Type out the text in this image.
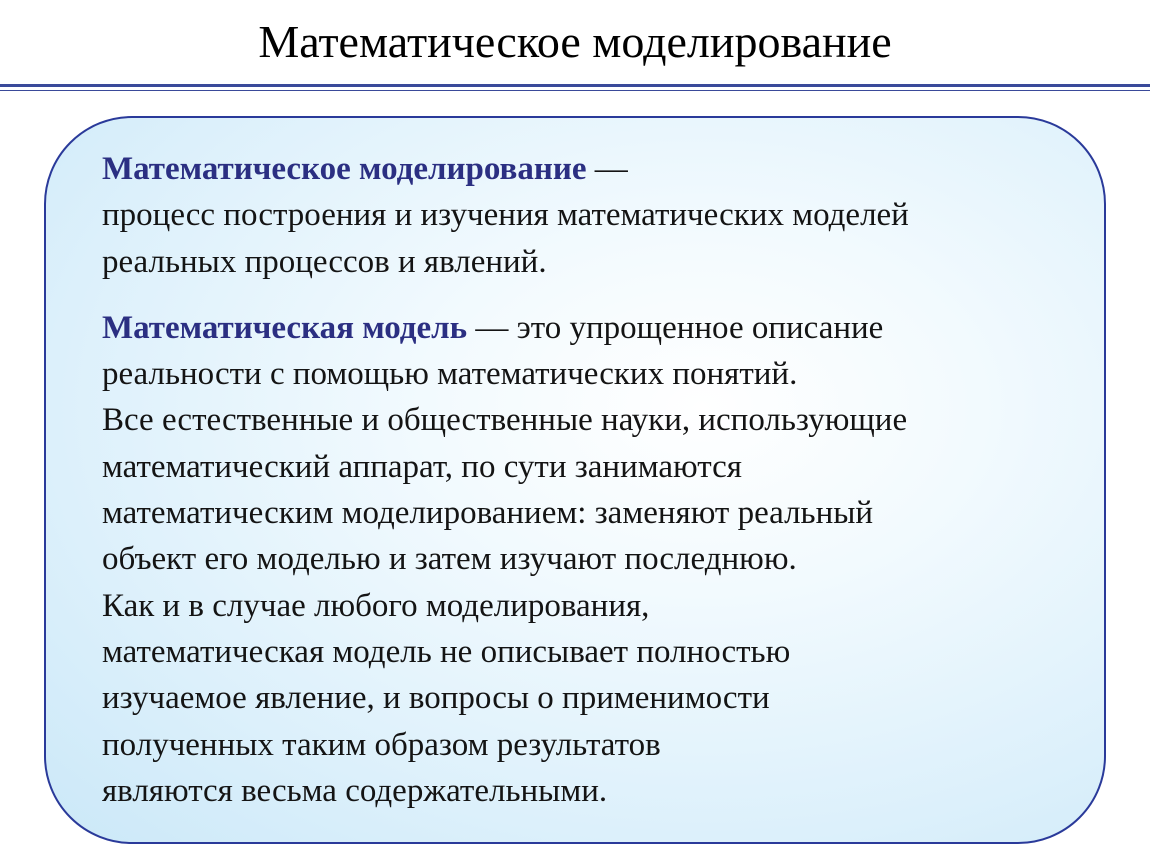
Математическое моделирование

Математическое моделирование —
процесс построения и изучения математических моделей
реальных процессов и явлений.

Математическая модель — это упрощенное описание
реальности с помощью математических понятий.
Все естественные и общественные науки, использующие
математический аппарат, по сути занимаются
математическим моделированием: заменяют реальный
объект его моделью и затем изучают последнюю.
Как и в случае любого моделирования,
математическая модель не описывает полностью
изучаемое явление, и вопросы о применимости
полученных таким образом результатов
являются весьма содержательными.
